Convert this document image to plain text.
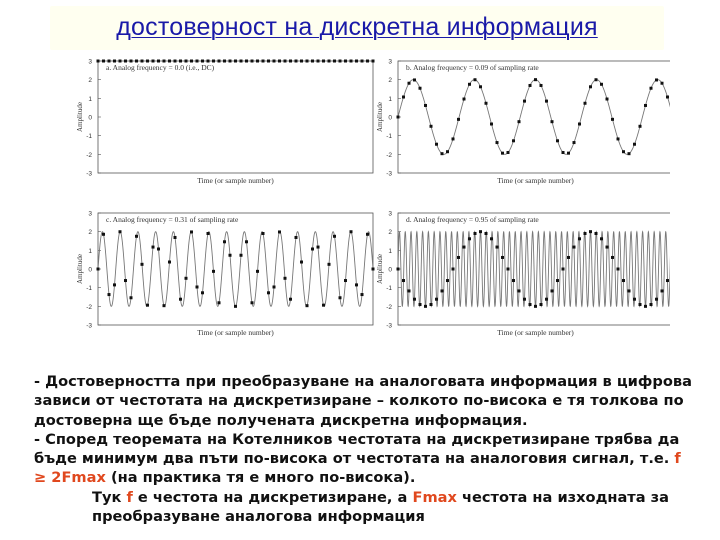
достоверност на дискретна информация
3
2
1
0
-1
-2
-3
Amplitude
Time (or sample number)
a. Analog frequency = 0.0 (i.e., DC)
3
2
1
0
-1
-2
-3
Amplitude
Time (or sample number)
b. Analog frequency = 0.09 of sampling rate
3
2
1
0
-1
-2
-3
Amplitude
Time (or sample number)
c. Analog frequency = 0.31 of sampling rate
3
2
1
0
-1
-2
-3
Amplitude
Time (or sample number)
d. Analog frequency = 0.95 of sampling rate

- Достоверността при преобразуване на аналоговата информация в цифрова зависи от честотата на дискретизиране – колкото по-висока е тя толкова по достоверна ще бъде получената дискретна информация.

- Според теоремата на Котелников честотата на дискретизиране трябва да бъде минимум два пъти по-висока от честотата на аналоговия сигнал, т.е. f ≥ 2Fmax (на практика тя е много по-висока).

Тук f е честота на дискретизиране, а Fmax честота на изходната за преобразуване аналогова информация
